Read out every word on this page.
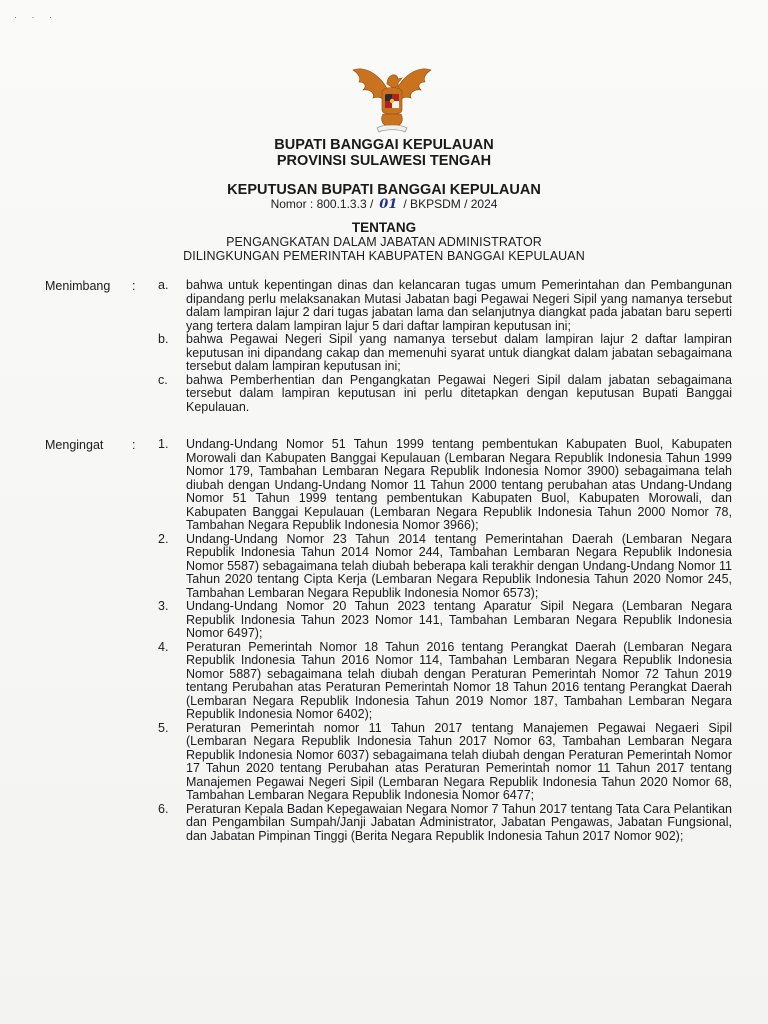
· · ·
BUPATI BANGGAI KEPULAUAN
PROVINSI SULAWESI TENGAH
KEPUTUSAN BUPATI BANGGAI KEPULAUAN
Nomor : 800.1.3.3 / 01 / BKPSDM / 2024
TENTANG
PENGANGKATAN DALAM JABATAN ADMINISTRATOR
DILINGKUNGAN PEMERINTAH KABUPATEN BANGGAI KEPULAUAN
Menimbang :	a.	bahwa untuk kepentingan dinas dan kelancaran tugas umum Pemerintahan dan Pembangunan dipandang perlu melaksanakan Mutasi Jabatan bagi Pegawai Negeri Sipil yang namanya tersebut dalam lampiran lajur 2 dari tugas jabatan lama dan selanjutnya diangkat pada jabatan baru seperti yang tertera dalam lampiran lajur 5 dari daftar lampiran keputusan ini;
b.	bahwa Pegawai Negeri Sipil yang namanya tersebut dalam lampiran lajur 2 daftar lampiran keputusan ini dipandang cakap dan memenuhi syarat untuk diangkat dalam jabatan sebagaimana tersebut dalam lampiran keputusan ini;
c.	bahwa Pemberhentian dan Pengangkatan Pegawai Negeri Sipil dalam jabatan sebagaimana tersebut dalam lampiran keputusan ini perlu ditetapkan dengan keputusan Bupati Banggai Kepulauan.
Mengingat :	1.	Undang-Undang Nomor 51 Tahun 1999 tentang pembentukan Kabupaten Buol, Kabupaten Morowali dan Kabupaten Banggai Kepulauan (Lembaran Negara Republik Indonesia Tahun 1999 Nomor 179, Tambahan Lembaran Negara Republik Indonesia Nomor 3900) sebagaimana telah diubah dengan Undang-Undang Nomor 11 Tahun 2000 tentang perubahan atas Undang-Undang Nomor 51 Tahun 1999 tentang pembentukan Kabupaten Buol, Kabupaten Morowali, dan Kabupaten Banggai Kepulauan (Lembaran Negara Republik Indonesia Tahun 2000 Nomor 78, Tambahan Negara Republik Indonesia Nomor 3966);
2.	Undang-Undang Nomor 23 Tahun 2014 tentang Pemerintahan Daerah (Lembaran Negara Republik Indonesia Tahun 2014 Nomor 244, Tambahan Lembaran Negara Republik Indonesia Nomor 5587) sebagaimana telah diubah beberapa kali terakhir dengan Undang-Undang Nomor 11 Tahun 2020 tentang Cipta Kerja (Lembaran Negara Republik Indonesia Tahun 2020 Nomor 245, Tambahan Lembaran Negara Republik Indonesia Nomor 6573);
3.	Undang-Undang Nomor 20 Tahun 2023 tentang Aparatur Sipil Negara (Lembaran Negara Republik Indonesia Tahun 2023 Nomor 141, Tambahan Lembaran Negara Republik Indonesia Nomor 6497);
4.	Peraturan Pemerintah Nomor 18 Tahun 2016 tentang Perangkat Daerah (Lembaran Negara Republik Indonesia Tahun 2016 Nomor 114, Tambahan Lembaran Negara Republik Indonesia Nomor 5887) sebagaimana telah diubah dengan Peraturan Pemerintah Nomor 72 Tahun 2019 tentang Perubahan atas Peraturan Pemerintah Nomor 18 Tahun 2016 tentang Perangkat Daerah (Lembaran Negara Republik Indonesia Tahun 2019 Nomor 187, Tambahan Lembaran Negara Republik Indonesia Nomor 6402);
5.	Peraturan Pemerintah nomor 11 Tahun 2017 tentang Manajemen Pegawai Negaeri Sipil (Lembaran Negara Republik Indonesia Tahun 2017 Nomor 63, Tambahan Lembaran Negara Republik Indonesia Nomor 6037) sebagaimana telah diubah dengan Peraturan Pemerintah Nomor 17 Tahun 2020 tentang Perubahan atas Peraturan Pemerintah nomor 11 Tahun 2017 tentang Manajemen Pegawai Negeri Sipil (Lembaran Negara Republik Indonesia Tahun 2020 Nomor 68, Tambahan Lembaran Negara Republik Indonesia Nomor 6477;
6.	Peraturan Kepala Badan Kepegawaian Negara Nomor 7 Tahun 2017 tentang Tata Cara Pelantikan dan Pengambilan Sumpah/Janji Jabatan Administrator, Jabatan Pengawas, Jabatan Fungsional, dan Jabatan Pimpinan Tinggi (Berita Negara Republik Indonesia Tahun 2017 Nomor 902);
